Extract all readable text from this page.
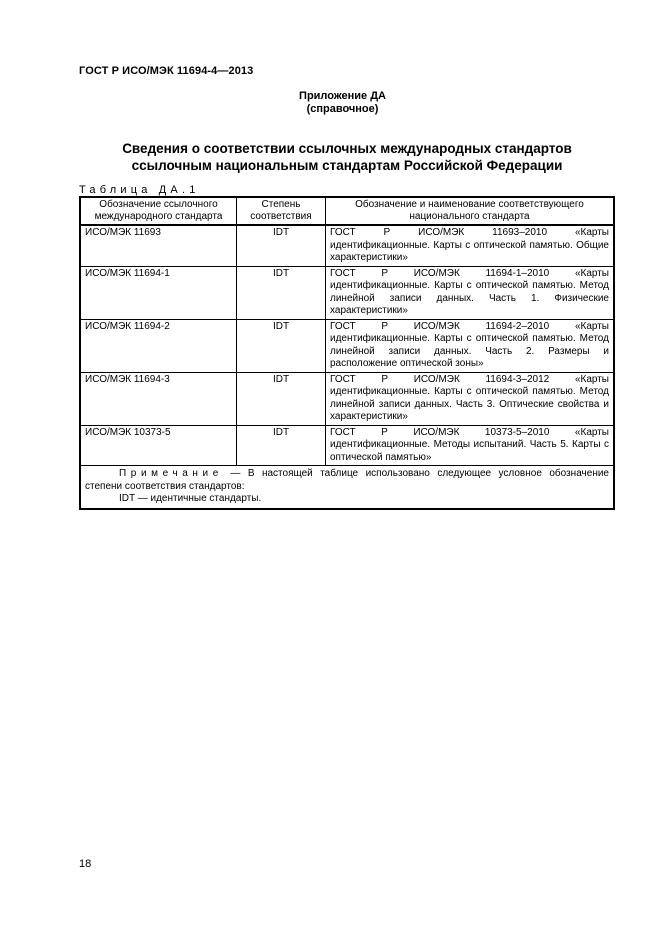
ГОСТ Р ИСО/МЭК 11694-4—2013
Приложение ДА
(справочное)
Сведения о соответствии ссылочных международных стандартов
ссылочным национальным стандартам Российской Федерации
Таблица ДА.1
Обозначение ссылочного международного стандарта	Степень соответствия	Обозначение и наименование соответствующего национального стандарта
ИСО/МЭК 11693	IDT	ГОСТ Р ИСО/МЭК 11693–2010 «Карты идентификационные. Карты с оптической памятью. Общие характеристики»
ИСО/МЭК 11694-1	IDT	ГОСТ Р ИСО/МЭК 11694-1–2010 «Карты идентификационные. Карты с оптической памятью. Метод линейной записи данных. Часть 1. Физические характеристики»
ИСО/МЭК 11694-2	IDT	ГОСТ Р ИСО/МЭК 11694-2–2010 «Карты идентификационные. Карты с оптической памятью. Метод линейной записи данных. Часть 2. Размеры и расположение оптической зоны»
ИСО/МЭК 11694-3	IDT	ГОСТ Р ИСО/МЭК 11694-3–2012 «Карты идентификационные. Карты с оптической памятью. Метод линейной записи данных. Часть 3. Оптические свойства и характеристики»
ИСО/МЭК 10373-5	IDT	ГОСТ Р ИСО/МЭК 10373-5–2010 «Карты идентификационные. Методы испытаний. Часть 5. Карты с оптической памятью»
Примечание — В настоящей таблице использовано следующее условное обозначение степени соответствия стандартов:
IDT — идентичные стандарты.		
18
